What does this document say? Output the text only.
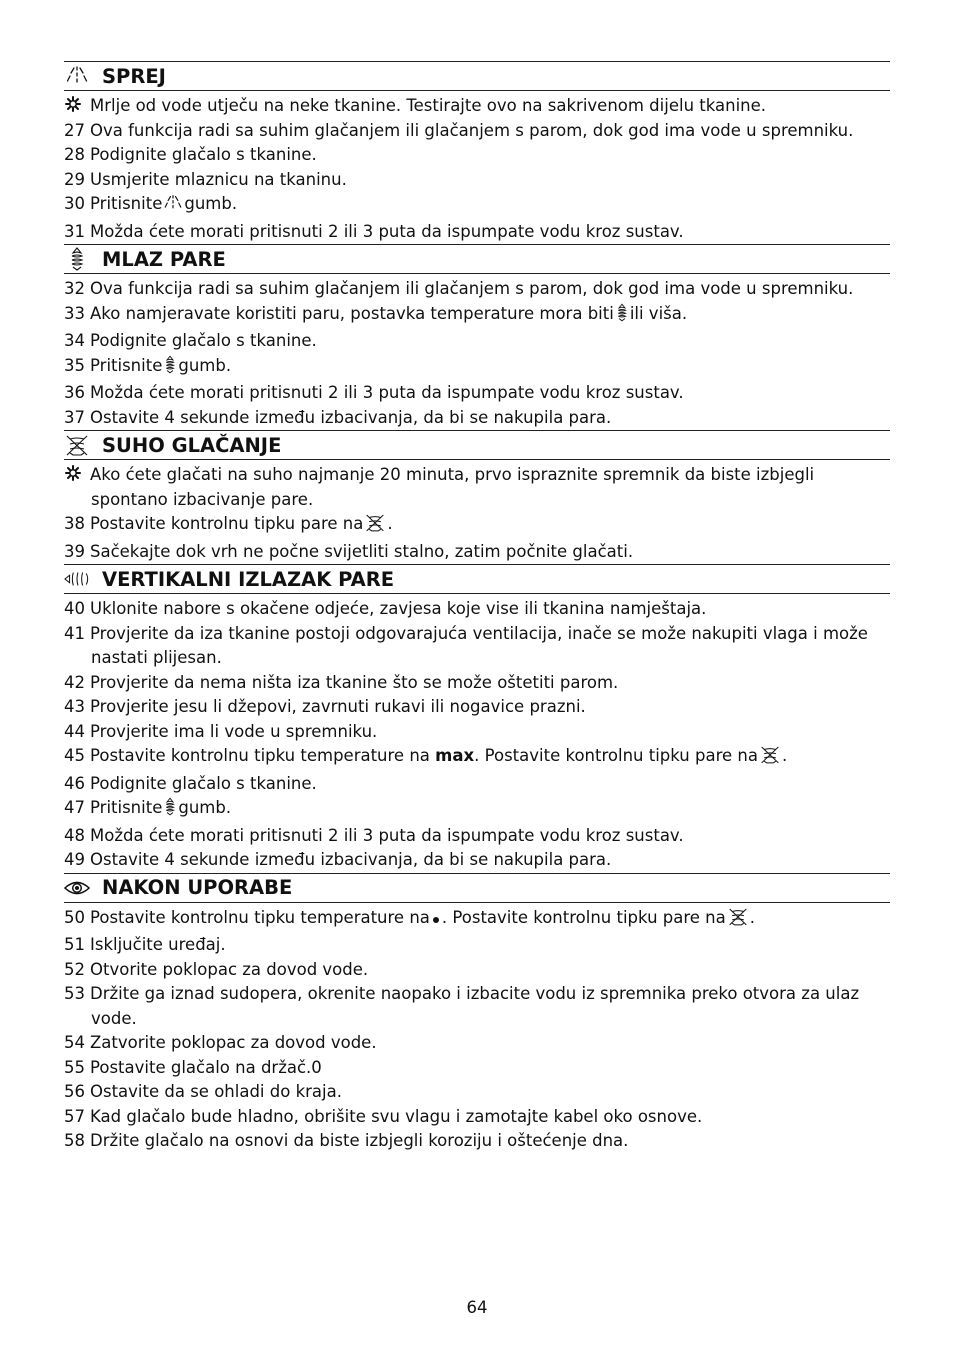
SPREJ
Mrlje od vode utječu na neke tkanine. Testirajte ovo na sakrivenom dijelu tkanine.
27 Ova funkcija radi sa suhim glačanjem ili glačanjem s parom, dok god ima vode u spremniku.
28 Podignite glačalo s tkanine.
29 Usmjerite mlaznicu na tkaninu.
30 Pritisnite gumb.
31 Možda ćete morati pritisnuti 2 ili 3 puta da ispumpate vodu kroz sustav.
MLAZ PARE
32 Ova funkcija radi sa suhim glačanjem ili glačanjem s parom, dok god ima vode u spremniku.
33 Ako namjeravate koristiti paru, postavka temperature mora biti ili viša.
34 Podignite glačalo s tkanine.
35 Pritisnite gumb.
36 Možda ćete morati pritisnuti 2 ili 3 puta da ispumpate vodu kroz sustav.
37 Ostavite 4 sekunde između izbacivanja, da bi se nakupila para.
SUHO GLAČANJE
Ako ćete glačati na suho najmanje 20 minuta, prvo ispraznite spremnik da biste izbjegli
spontano izbacivanje pare.
38 Postavite kontrolnu tipku pare na .
39 Sačekajte dok vrh ne počne svijetliti stalno, zatim počnite glačati.
VERTIKALNI IZLAZAK PARE
40 Uklonite nabore s okačene odjeće, zavjesa koje vise ili tkanina namještaja.
41 Provjerite da iza tkanine postoji odgovarajuća ventilacija, inače se može nakupiti vlaga i može
nastati plijesan.
42 Provjerite da nema ništa iza tkanine što se može oštetiti parom.
43 Provjerite jesu li džepovi, zavrnuti rukavi ili nogavice prazni.
44 Provjerite ima li vode u spremniku.
45 Postavite kontrolnu tipku temperature na max. Postavite kontrolnu tipku pare na .
46 Podignite glačalo s tkanine.
47 Pritisnite gumb.
48 Možda ćete morati pritisnuti 2 ili 3 puta da ispumpate vodu kroz sustav.
49 Ostavite 4 sekunde između izbacivanja, da bi se nakupila para.
NAKON UPORABE
50 Postavite kontrolnu tipku temperature na . Postavite kontrolnu tipku pare na .
51 Isključite uređaj.
52 Otvorite poklopac za dovod vode.
53 Držite ga iznad sudopera, okrenite naopako i izbacite vodu iz spremnika preko otvora za ulaz
vode.
54 Zatvorite poklopac za dovod vode.
55 Postavite glačalo na držač.0
56 Ostavite da se ohladi do kraja.
57 Kad glačalo bude hladno, obrišite svu vlagu i zamotajte kabel oko osnove.
58 Držite glačalo na osnovi da biste izbjegli koroziju i oštećenje dna.
64
